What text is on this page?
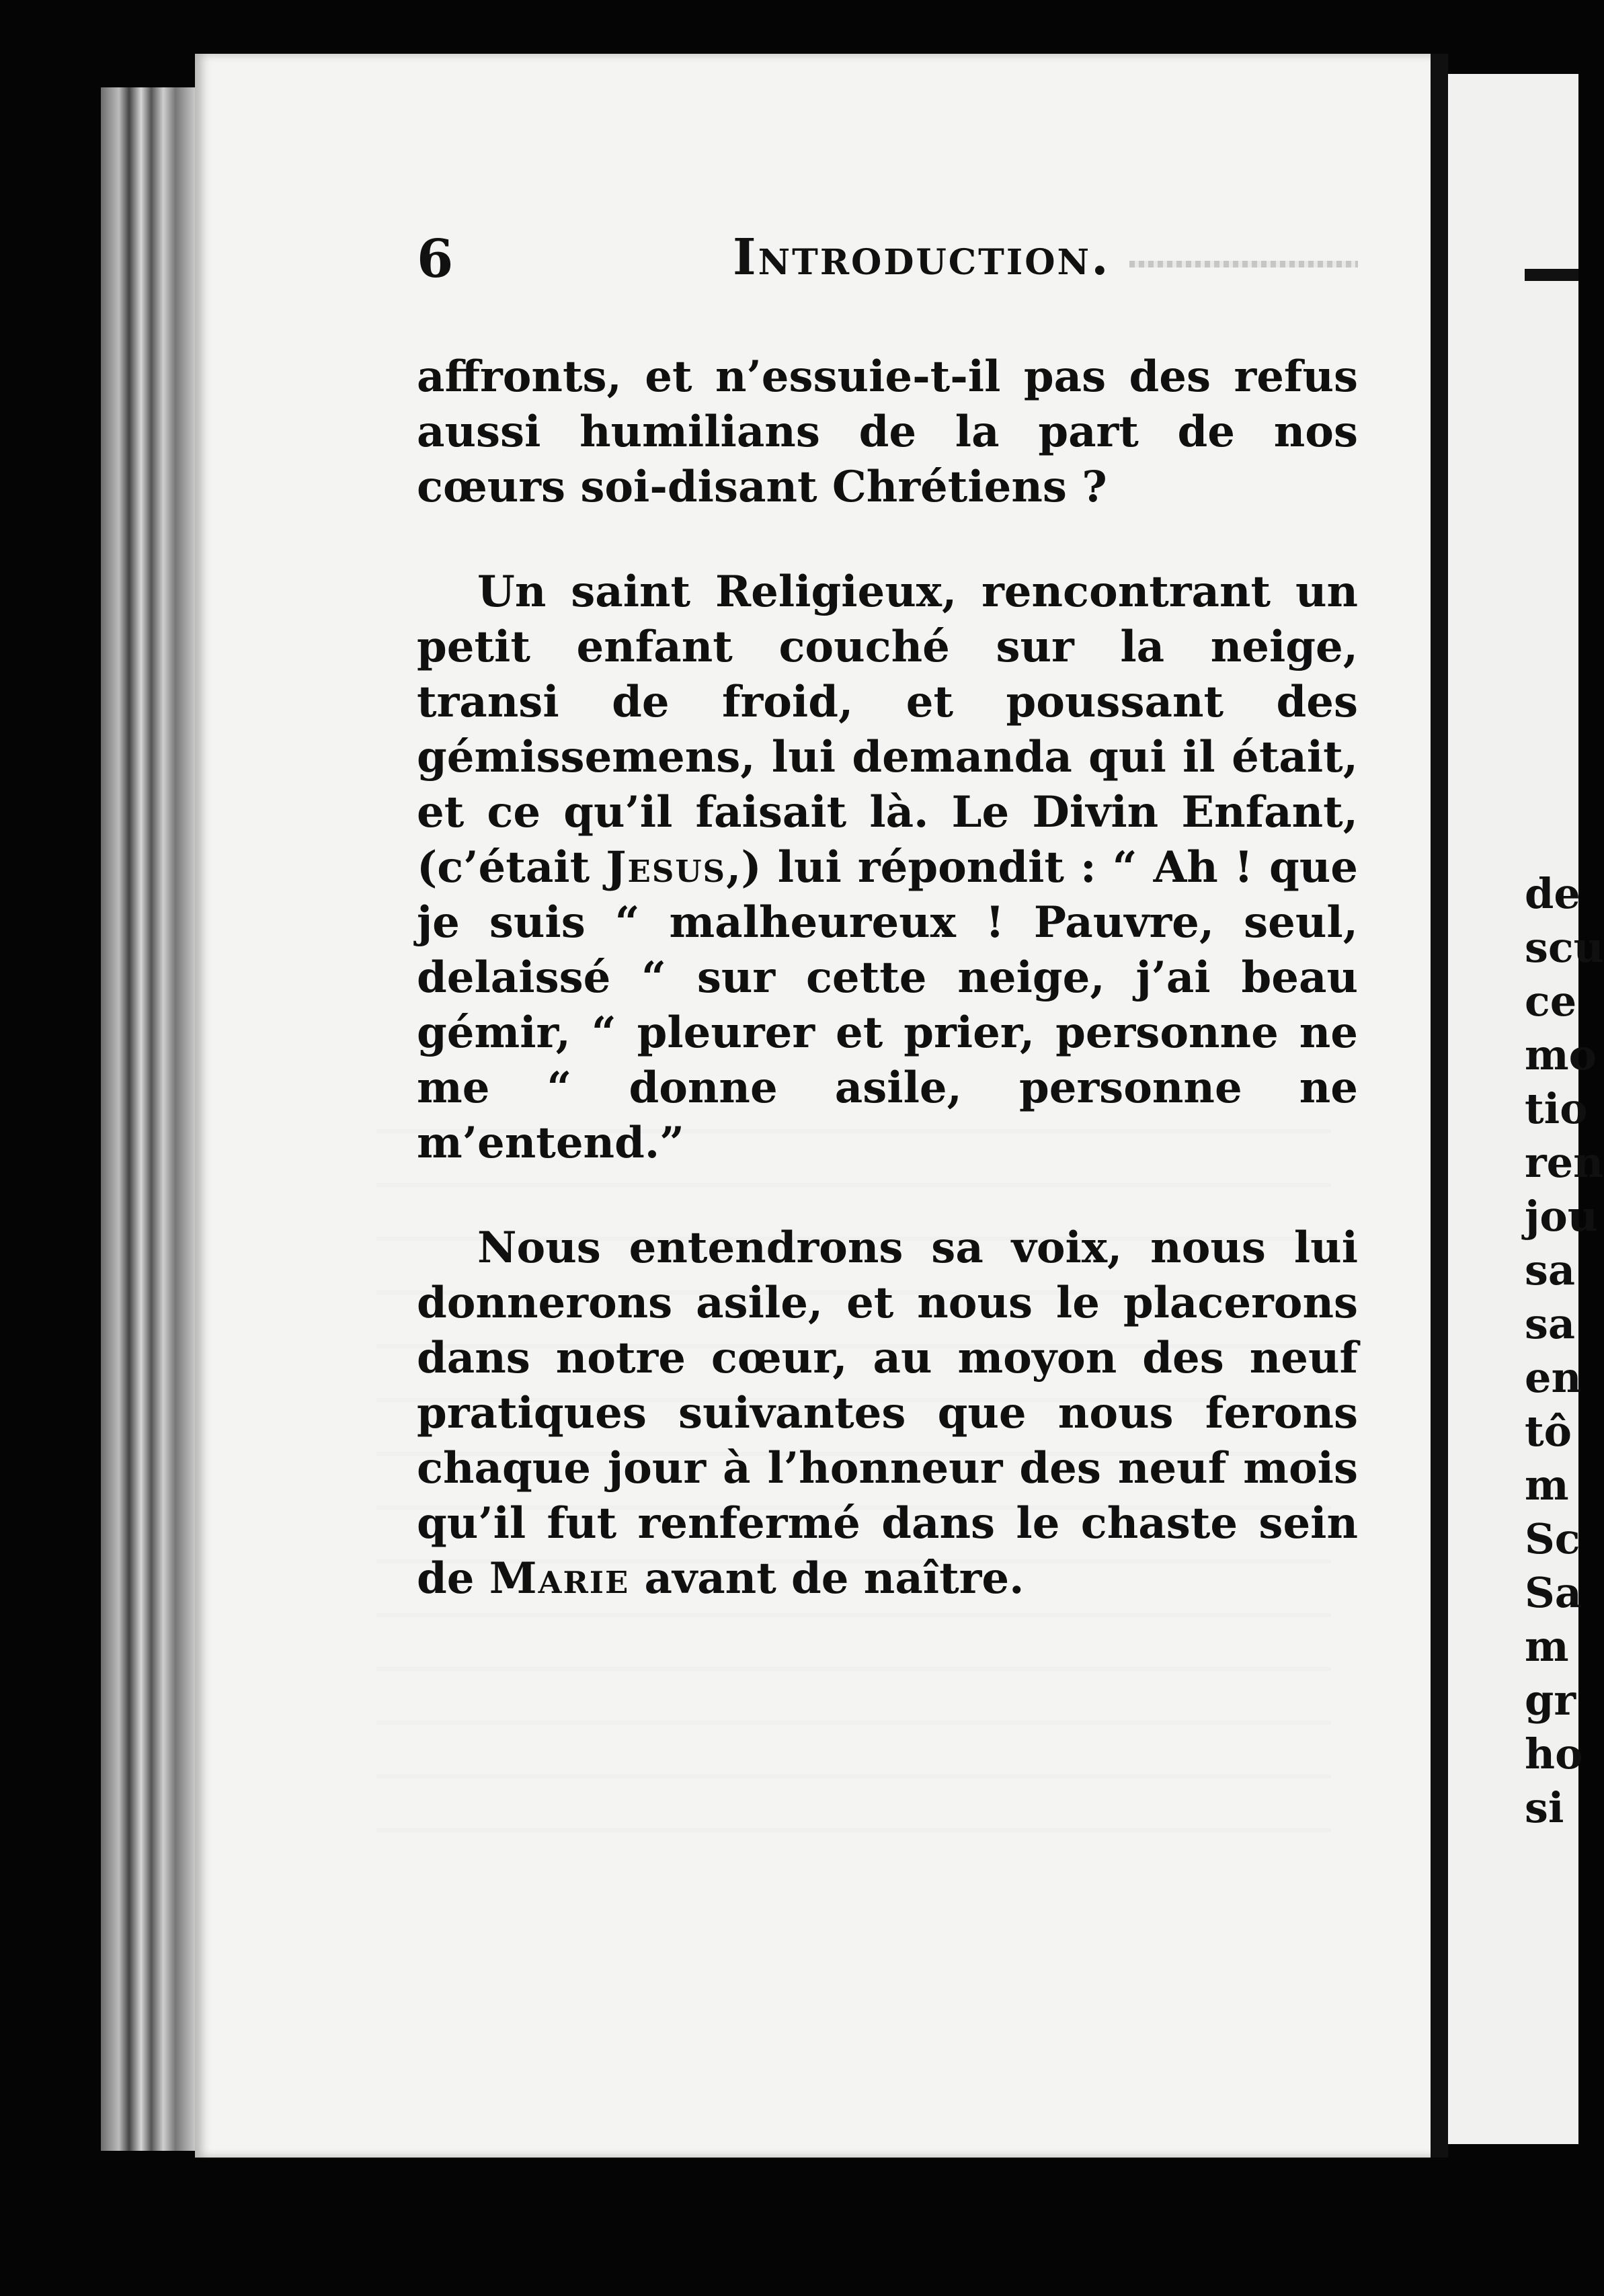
6	Introduction.

affronts, et n’essuie-t-il pas des refus aussi humilians de la part de nos cœurs soi-disant Chrétiens ?

Un saint Religieux, rencontrant un petit enfant couché sur la neige, transi de froid, et poussant des gémissemens, lui demanda qui il était, et ce qu’il faisait là. Le Divin Enfant, (c’était Jesus,) lui répondit : “ Ah ! que je suis “ malheureux ! Pauvre, seul, delaissé “ sur cette neige, j’ai beau gémir, “ pleurer et prier, personne ne me “ donne asile, personne ne m’entend.”

Nous entendrons sa voix, nous lui donnerons asile, et nous le placerons dans notre cœur, au moyon des neuf pratiques suivantes que nous ferons chaque jour à l’honneur des neuf mois qu’il fut renfermé dans le chaste sein de Marie avant de naître.

de
scu
ce
mo
tio
ren
jou
sa
sa
en
tô
m
Sc
Sa
m
gr
ho
si
